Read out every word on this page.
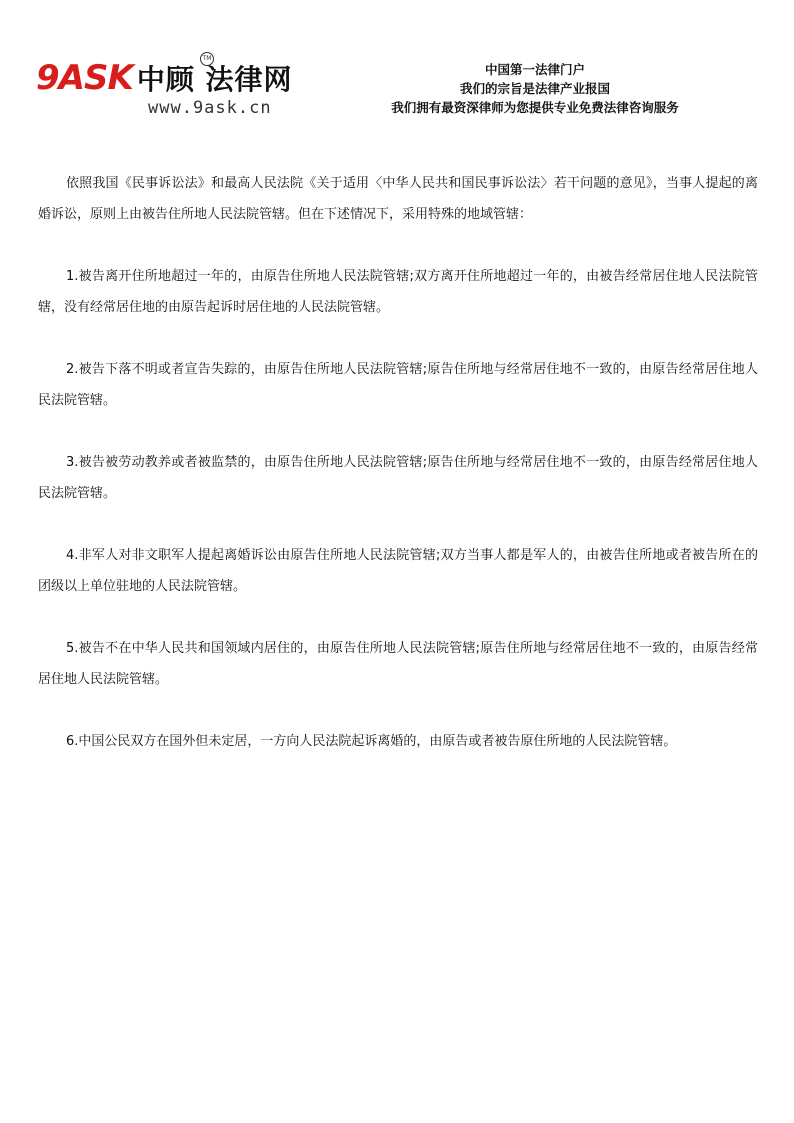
9ASK 中顾 法律网
TM
www.9ask.cn
中国第一法律门户
我们的宗旨是法律产业报国
我们拥有最资深律师为您提供专业免费法律咨询服务

依照我国《民事诉讼法》和最高人民法院《关于适用〈中华人民共和国民事诉讼法〉若干问题的意见》，当事人提起的离婚诉讼，原则上由被告住所地人民法院管辖。但在下述情况下，采用特殊的地域管辖：

1.被告离开住所地超过一年的，由原告住所地人民法院管辖;双方离开住所地超过一年的，由被告经常居住地人民法院管辖，没有经常居住地的由原告起诉时居住地的人民法院管辖。

2.被告下落不明或者宣告失踪的，由原告住所地人民法院管辖;原告住所地与经常居住地不一致的，由原告经常居住地人民法院管辖。

3.被告被劳动教养或者被监禁的，由原告住所地人民法院管辖;原告住所地与经常居住地不一致的，由原告经常居住地人民法院管辖。

4.非军人对非文职军人提起离婚诉讼由原告住所地人民法院管辖;双方当事人都是军人的，由被告住所地或者被告所在的团级以上单位驻地的人民法院管辖。

5.被告不在中华人民共和国领域内居住的，由原告住所地人民法院管辖;原告住所地与经常居住地不一致的，由原告经常居住地人民法院管辖。

6.中国公民双方在国外但未定居，一方向人民法院起诉离婚的，由原告或者被告原住所地的人民法院管辖。
